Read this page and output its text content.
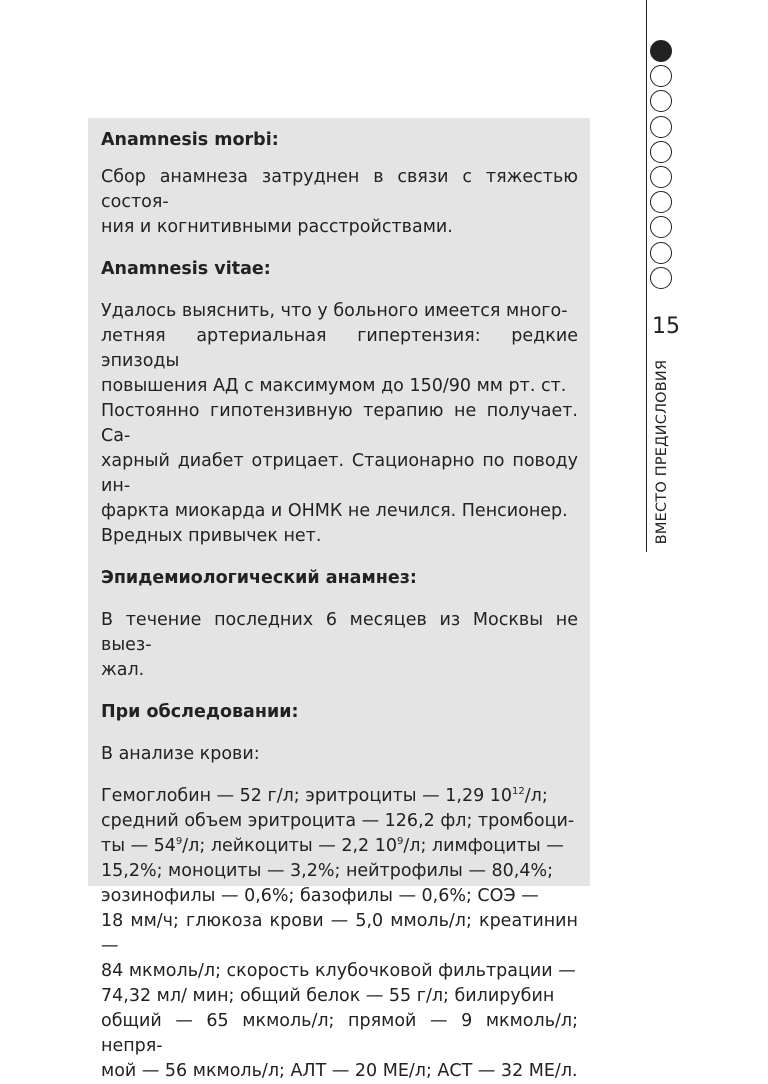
15
ВМЕСТО ПРЕДИСЛОВИЯ
Anamnesis morbi:

Сбор анамнеза затруднен в связи с тяжестью состоя-
ния и когнитивными расстройствами.

Anamnesis vitae:

Удалось выяснить, что у больного имеется много-
летняя артериальная гипертензия: редкие эпизоды
повышения АД с максимумом до 150/90 мм рт. ст.
Постоянно гипотензивную терапию не получает. Са-
харный диабет отрицает. Стационарно по поводу ин-
фаркта миокарда и ОНМК не лечился. Пенсионер.
Вредных привычек нет.

Эпидемиологический анамнез:

В течение последних 6 месяцев из Москвы не выез-
жал.

При обследовании:

В анализе крови:

Гемоглобин — 52 г/л; эритроциты — 1,29 $10^{12}/л$;
средний объем эритроцита — 126,2 фл; тромбоци-
ты — $54^9/л$; лейкоциты — 2,2 $10^9/л$; лимфоциты —
15,2%; моноциты — 3,2%; нейтрофилы — 80,4%;
эозинофилы — 0,6%; базофилы — 0,6%; СОЭ —
18 мм/ч; глюкоза крови — 5,0 ммоль/л; креатинин —
84 мкмоль/л; скорость клубочковой фильтрации —
74,32 мл/ мин; общий белок — 55 г/л; билирубин
общий — 65 мкмоль/л; прямой — 9 мкмоль/л; непря-
мой — 56 мкмоль/л; АЛТ — 20 МЕ/л; АСТ — 32 МЕ/л.
